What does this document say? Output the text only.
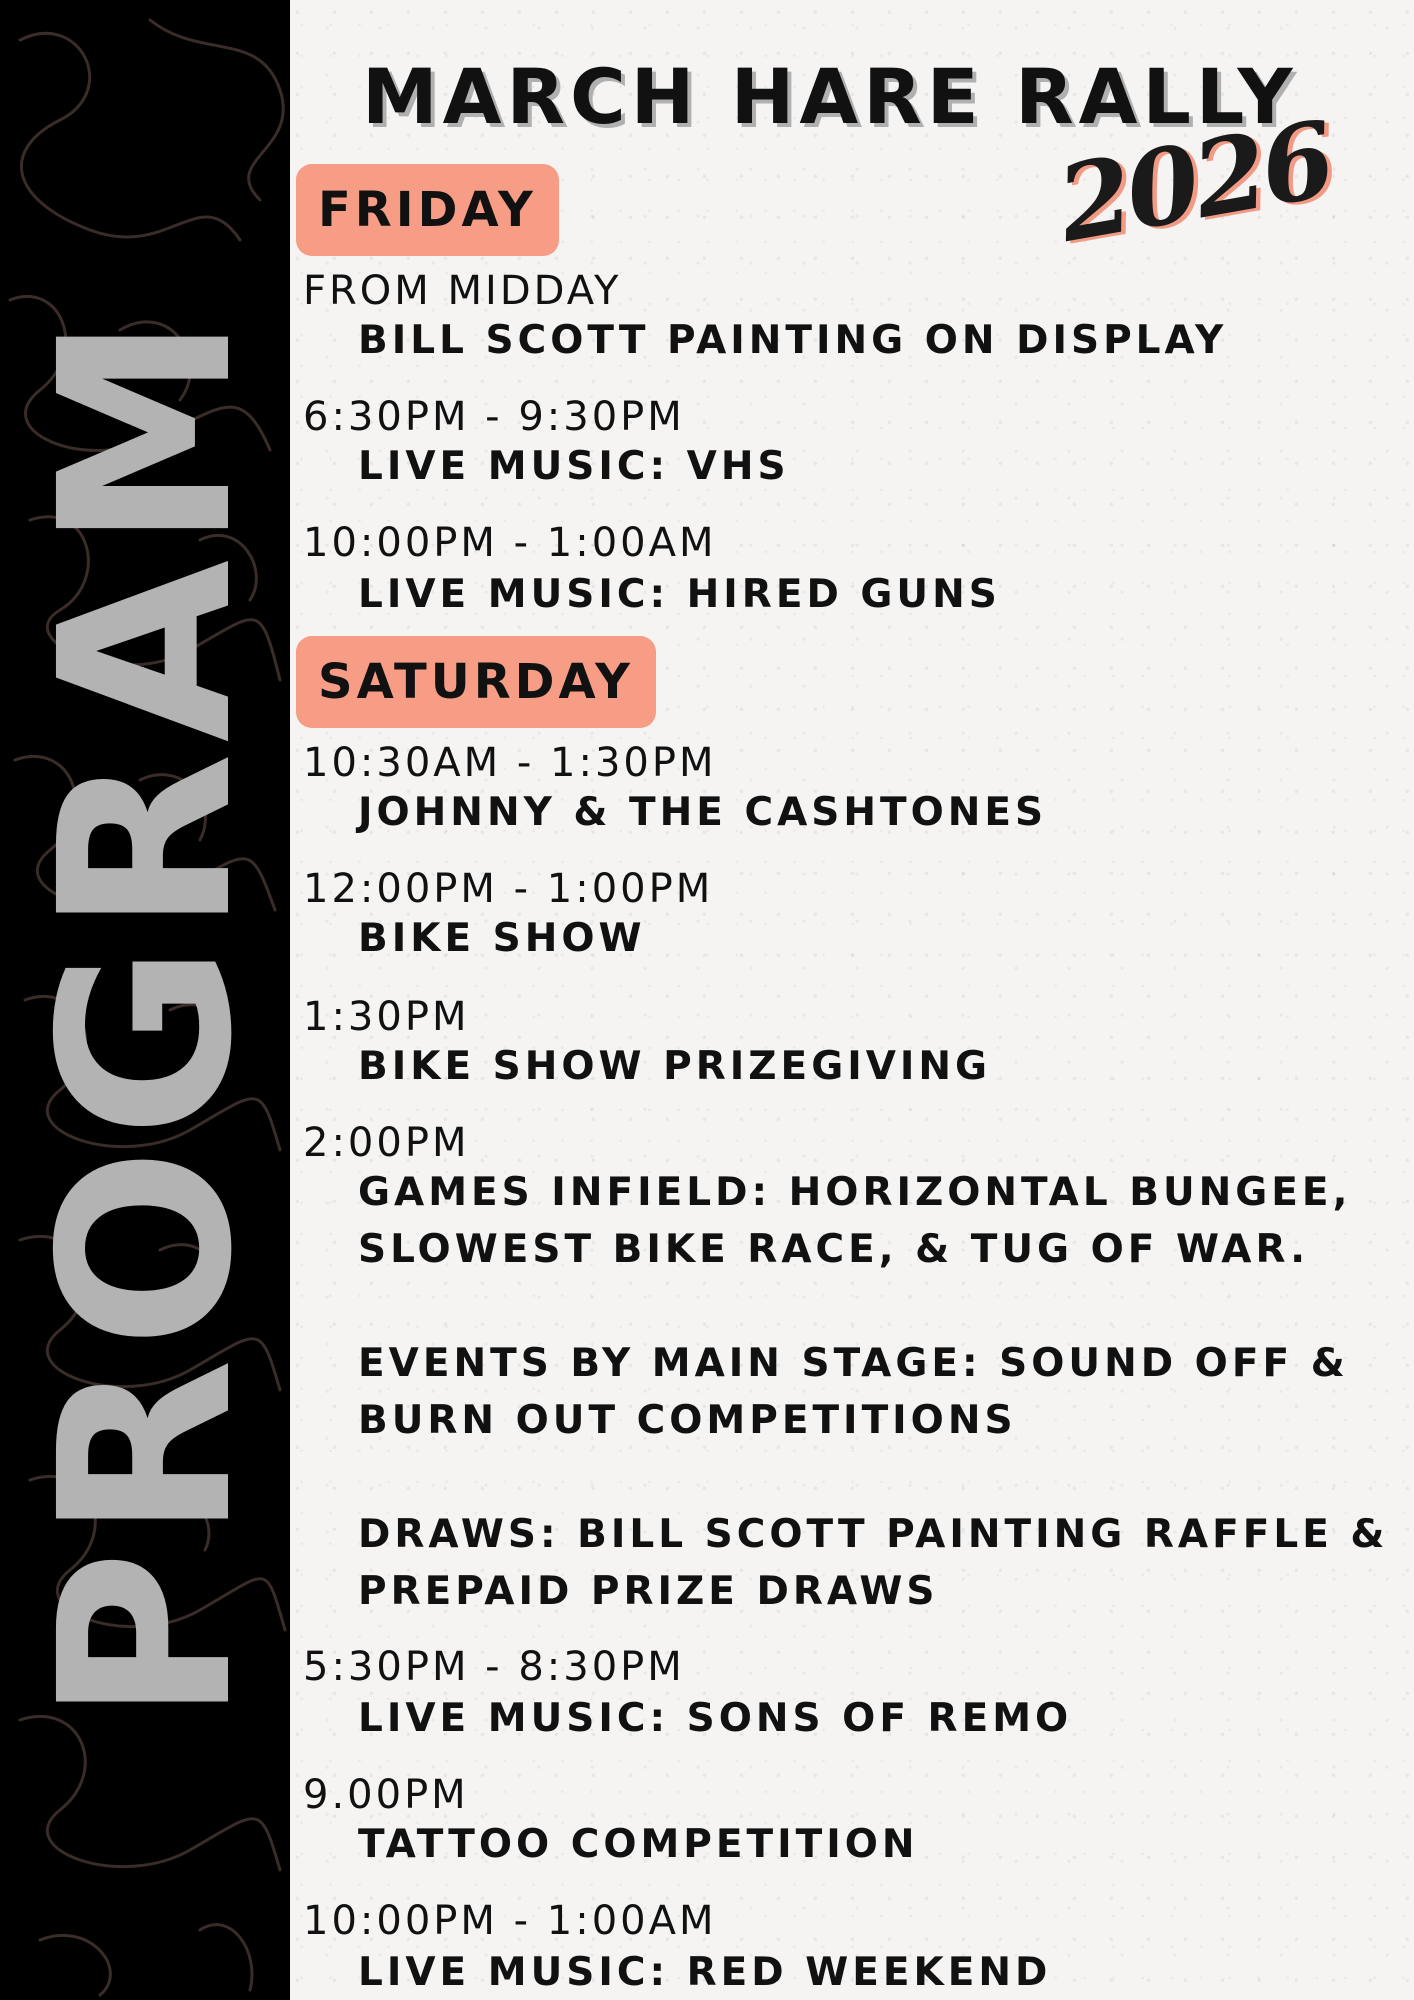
PROGRAM
MARCH HARE RALLY
2026
FRIDAY
FROM MIDDAY
BILL SCOTT PAINTING ON DISPLAY
6:30PM - 9:30PM
LIVE MUSIC: VHS
10:00PM - 1:00AM
LIVE MUSIC: HIRED GUNS
SATURDAY
10:30AM - 1:30PM
JOHNNY & THE CASHTONES
12:00PM - 1:00PM
BIKE SHOW
1:30PM
BIKE SHOW PRIZEGIVING
2:00PM
GAMES INFIELD: HORIZONTAL BUNGEE,
SLOWEST BIKE RACE, & TUG OF WAR.
EVENTS BY MAIN STAGE: SOUND OFF &
BURN OUT COMPETITIONS
DRAWS: BILL SCOTT PAINTING RAFFLE &
PREPAID PRIZE DRAWS
5:30PM - 8:30PM
LIVE MUSIC: SONS OF REMO
9.00PM
TATTOO COMPETITION
10:00PM - 1:00AM
LIVE MUSIC: RED WEEKEND
